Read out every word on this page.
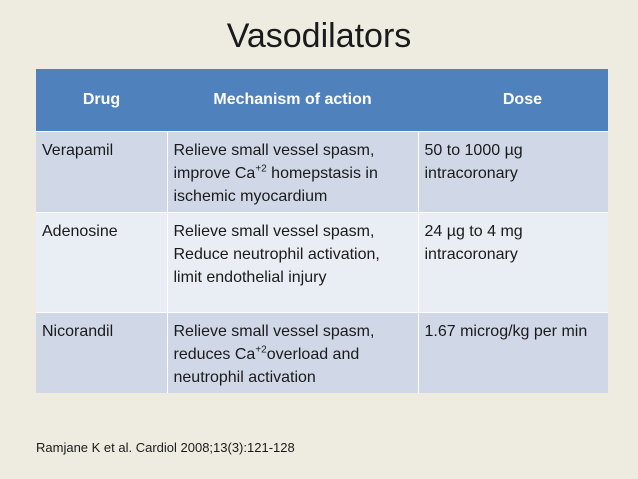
Vasodilators
Drug	Mechanism of action	Dose
Verapamil	Relieve small vessel spasm, improve $Ca^{+2}$ homepstasis in ischemic myocardium	50 to 1000 µg intracoronary
Adenosine	Relieve small vessel spasm, Reduce neutrophil activation, limit endothelial injury	24 µg to 4 mg intracoronary
Nicorandil	Relieve small vessel spasm, reduces $Ca^{+2}overload$ and neutrophil activation	1.67 microg/kg per min
Ramjane K et al. Cardiol 2008;13(3):121-128
